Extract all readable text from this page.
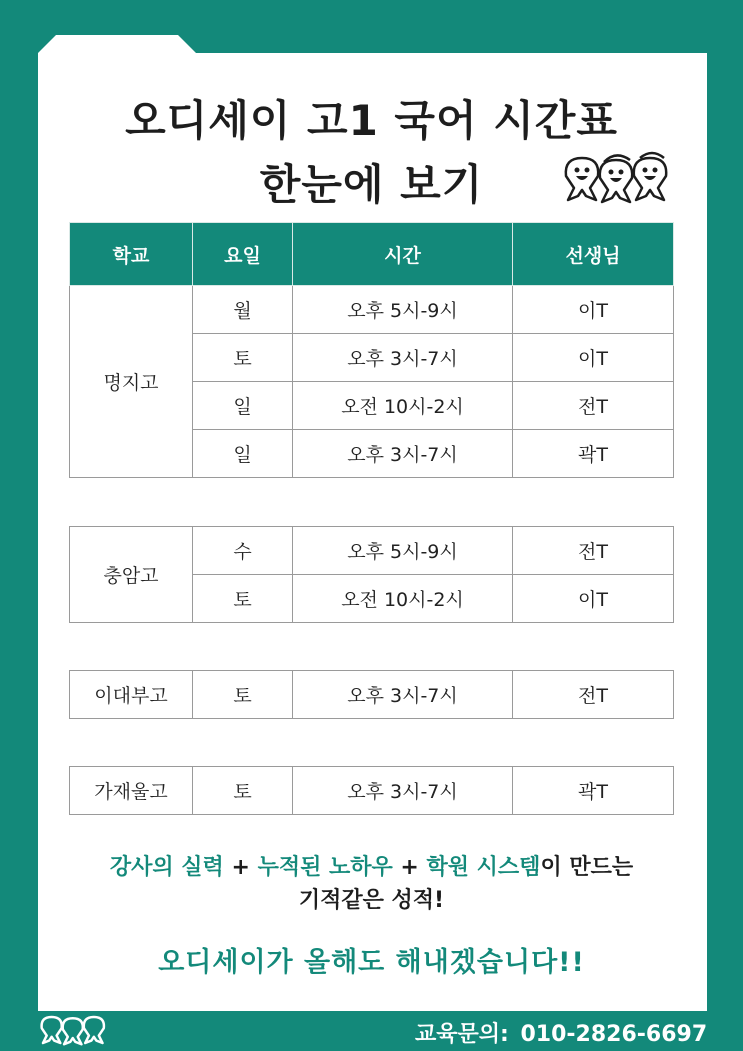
오디세이 고1 국어 시간표
한눈에 보기
학교	요일	시간	선생님
명지고	월	오후 5시-9시	이T
	토	오후 3시-7시	이T
	일	오전 10시-2시	전T
	일	오후 3시-7시	곽T
충암고	수	오후 5시-9시	전T
	토	오전 10시-2시	이T
이대부고	토	오후 3시-7시	전T
가재울고	토	오후 3시-7시	곽T
강사의 실력 + 누적된 노하우 + 학원 시스템이 만드는
기적같은 성적!
오디세이가 올해도 해내겠습니다!!
교육문의: 010-2826-6697
